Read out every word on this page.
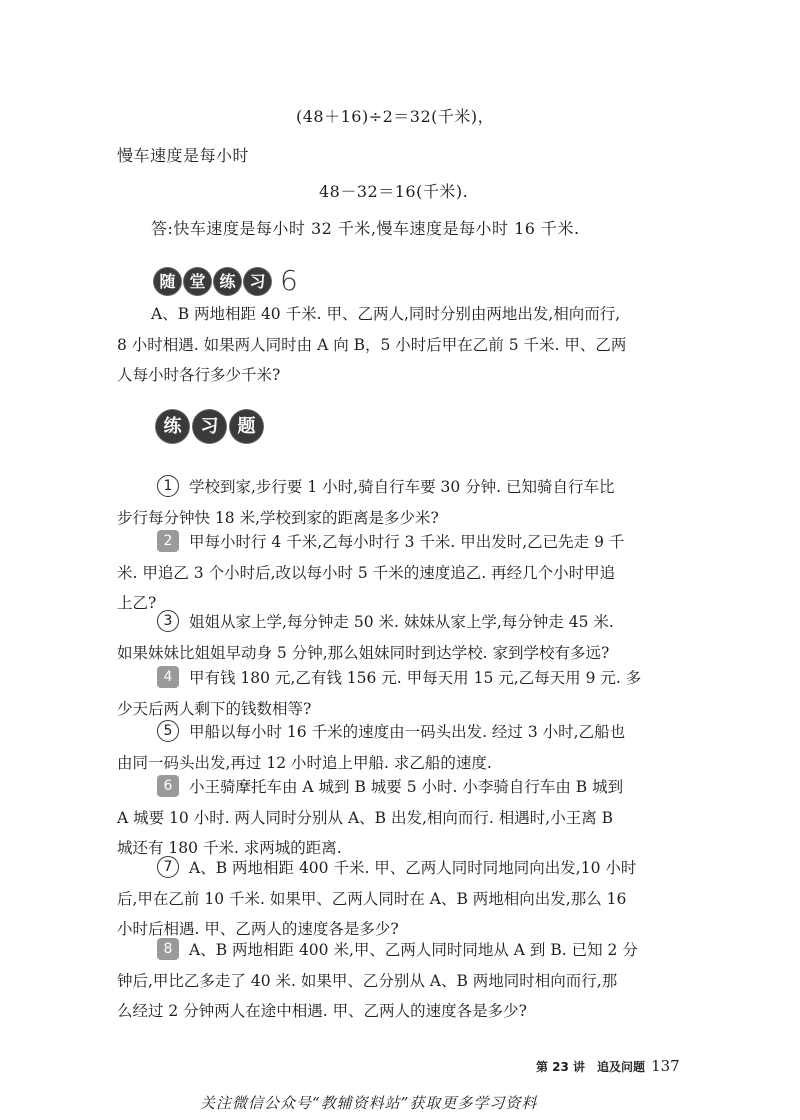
(48＋16)÷2＝32(千米)，
慢车速度是每小时
48－32＝16(千米).
答:快车速度是每小时 32 千米,慢车速度是每小时 16 千米.
随 堂 练 习 6
A、B 两地相距 40 千米. 甲、乙两人,同时分别由两地出发,相向而行,
8 小时相遇. 如果两人同时由 A 向 B，5 小时后甲在乙前 5 千米. 甲、乙两
人每小时各行多少千米?
练 习 题
1 学校到家,步行要 1 小时,骑自行车要 30 分钟. 已知骑自行车比
步行每分钟快 18 米,学校到家的距离是多少米?
2 甲每小时行 4 千米,乙每小时行 3 千米. 甲出发时,乙已先走 9 千
米. 甲追乙 3 个小时后,改以每小时 5 千米的速度追乙. 再经几个小时甲追
上乙?
3 姐姐从家上学,每分钟走 50 米. 妹妹从家上学,每分钟走 45 米.
如果妹妹比姐姐早动身 5 分钟,那么姐妹同时到达学校. 家到学校有多远?
4 甲有钱 180 元,乙有钱 156 元. 甲每天用 15 元,乙每天用 9 元. 多
少天后两人剩下的钱数相等?
5 甲船以每小时 16 千米的速度由一码头出发. 经过 3 小时,乙船也
由同一码头出发,再过 12 小时追上甲船. 求乙船的速度.
6 小王骑摩托车由 A 城到 B 城要 5 小时. 小李骑自行车由 B 城到
A 城要 10 小时. 两人同时分别从 A、B 出发,相向而行. 相遇时,小王离 B
城还有 180 千米. 求两城的距离.
7 A、B 两地相距 400 千米. 甲、乙两人同时同地同向出发,10 小时
后,甲在乙前 10 千米. 如果甲、乙两人同时在 A、B 两地相向出发,那么 16
小时后相遇. 甲、乙两人的速度各是多少?
8 A、B 两地相距 400 米,甲、乙两人同时同地从 A 到 B. 已知 2 分
钟后,甲比乙多走了 40 米. 如果甲、乙分别从 A、B 两地同时相向而行,那
么经过 2 分钟两人在途中相遇. 甲、乙两人的速度各是多少?
第 23 讲　追及问题 137
关注微信公众号“教辅资料站”获取更多学习资料
